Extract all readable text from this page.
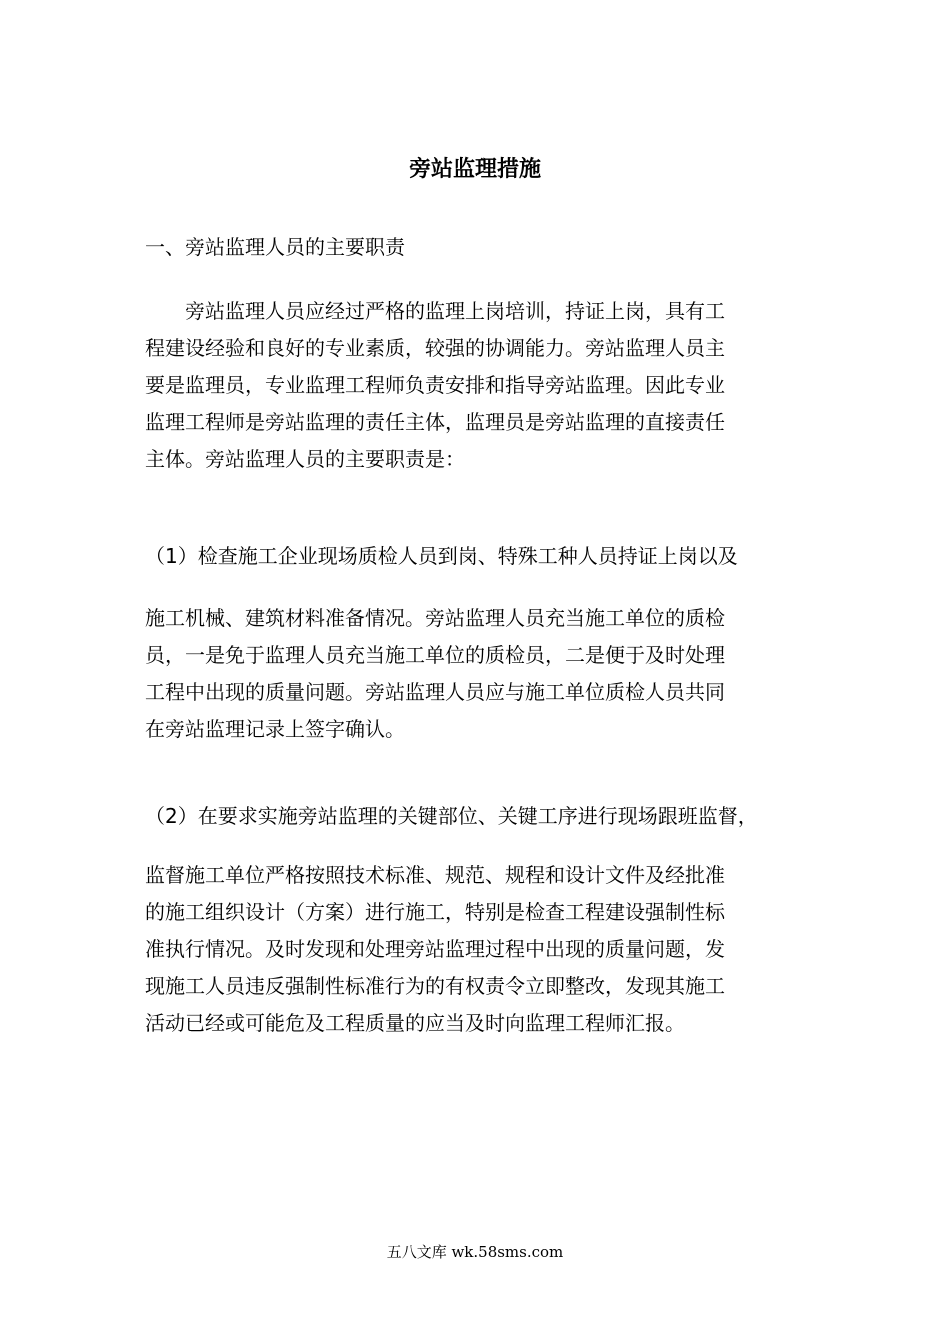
旁站监理措施

一、旁站监理人员的主要职责

　　旁站监理人员应经过严格的监理上岗培训，持证上岗，具有工
程建设经验和良好的专业素质，较强的协调能力。旁站监理人员主
要是监理员，专业监理工程师负责安排和指导旁站监理。因此专业
监理工程师是旁站监理的责任主体，监理员是旁站监理的直接责任
主体。旁站监理人员的主要职责是：
（1）检查施工企业现场质检人员到岗、特殊工种人员持证上岗以及
施工机械、建筑材料准备情况。旁站监理人员充当施工单位的质检
员，一是免于监理人员充当施工单位的质检员，二是便于及时处理
工程中出现的质量问题。旁站监理人员应与施工单位质检人员共同
在旁站监理记录上签字确认。
（2）在要求实施旁站监理的关键部位、关键工序进行现场跟班监督，
监督施工单位严格按照技术标准、规范、规程和设计文件及经批准
的施工组织设计（方案）进行施工，特别是检查工程建设强制性标
准执行情况。及时发现和处理旁站监理过程中出现的质量问题，发
现施工人员违反强制性标准行为的有权责令立即整改，发现其施工
活动已经或可能危及工程质量的应当及时向监理工程师汇报。

五八文库 wk.58sms.com
